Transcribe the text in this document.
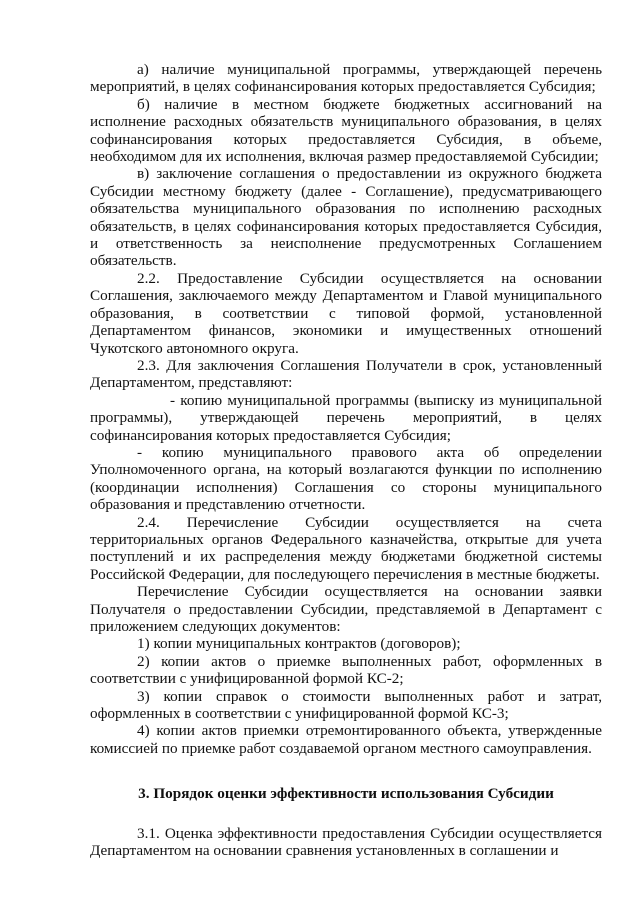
а) наличие муниципальной программы, утверждающей перечень мероприятий, в целях софинансирования которых предоставляется Субсидия;

б) наличие в местном бюджете бюджетных ассигнований на исполнение расходных обязательств муниципального образования, в целях софинансирования которых предоставляется Субсидия, в объеме, необходимом для их исполнения, включая размер предоставляемой Субсидии;

в) заключение соглашения о предоставлении из окружного бюджета Субсидии местному бюджету (далее - Соглашение), предусматривающего обязательства муниципального образования по исполнению расходных обязательств, в целях софинансирования которых предоставляется Субсидия, и ответственность за неисполнение предусмотренных Соглашением обязательств.

2.2. Предоставление Субсидии осуществляется на основании Соглашения, заключаемого между Департаментом и Главой муниципального образования, в соответствии с типовой формой, установленной Департаментом финансов, экономики и имущественных отношений Чукотского автономного округа.

2.3. Для заключения Соглашения Получатели в срок, установленный Департаментом, представляют:

- копию муниципальной программы (выписку из муниципальной программы), утверждающей перечень мероприятий, в целях софинансирования которых предоставляется Субсидия;

- копию муниципального правового акта об определении Уполномоченного органа, на который возлагаются функции по исполнению (координации исполнения) Соглашения со стороны муниципального образования и представлению отчетности.

2.4. Перечисление Субсидии осуществляется на счета территориальных органов Федерального казначейства, открытые для учета поступлений и их распределения между бюджетами бюджетной системы Российской Федерации, для последующего перечисления в местные бюджеты.

Перечисление Субсидии осуществляется на основании заявки Получателя о предоставлении Субсидии, представляемой в Департамент с приложением следующих документов:

1) копии муниципальных контрактов (договоров);

2) копии актов о приемке выполненных работ, оформленных в соответствии с унифицированной формой КС-2;

3) копии справок о стоимости выполненных работ и затрат, оформленных в соответствии с унифицированной формой КС-3;

4) копии актов приемки отремонтированного объекта, утвержденные комиссией по приемке работ создаваемой органом местного самоуправления.

3. Порядок оценки эффективности использования Субсидии

3.1. Оценка эффективности предоставления Субсидии осуществляется Департаментом на основании сравнения установленных в соглашении и
